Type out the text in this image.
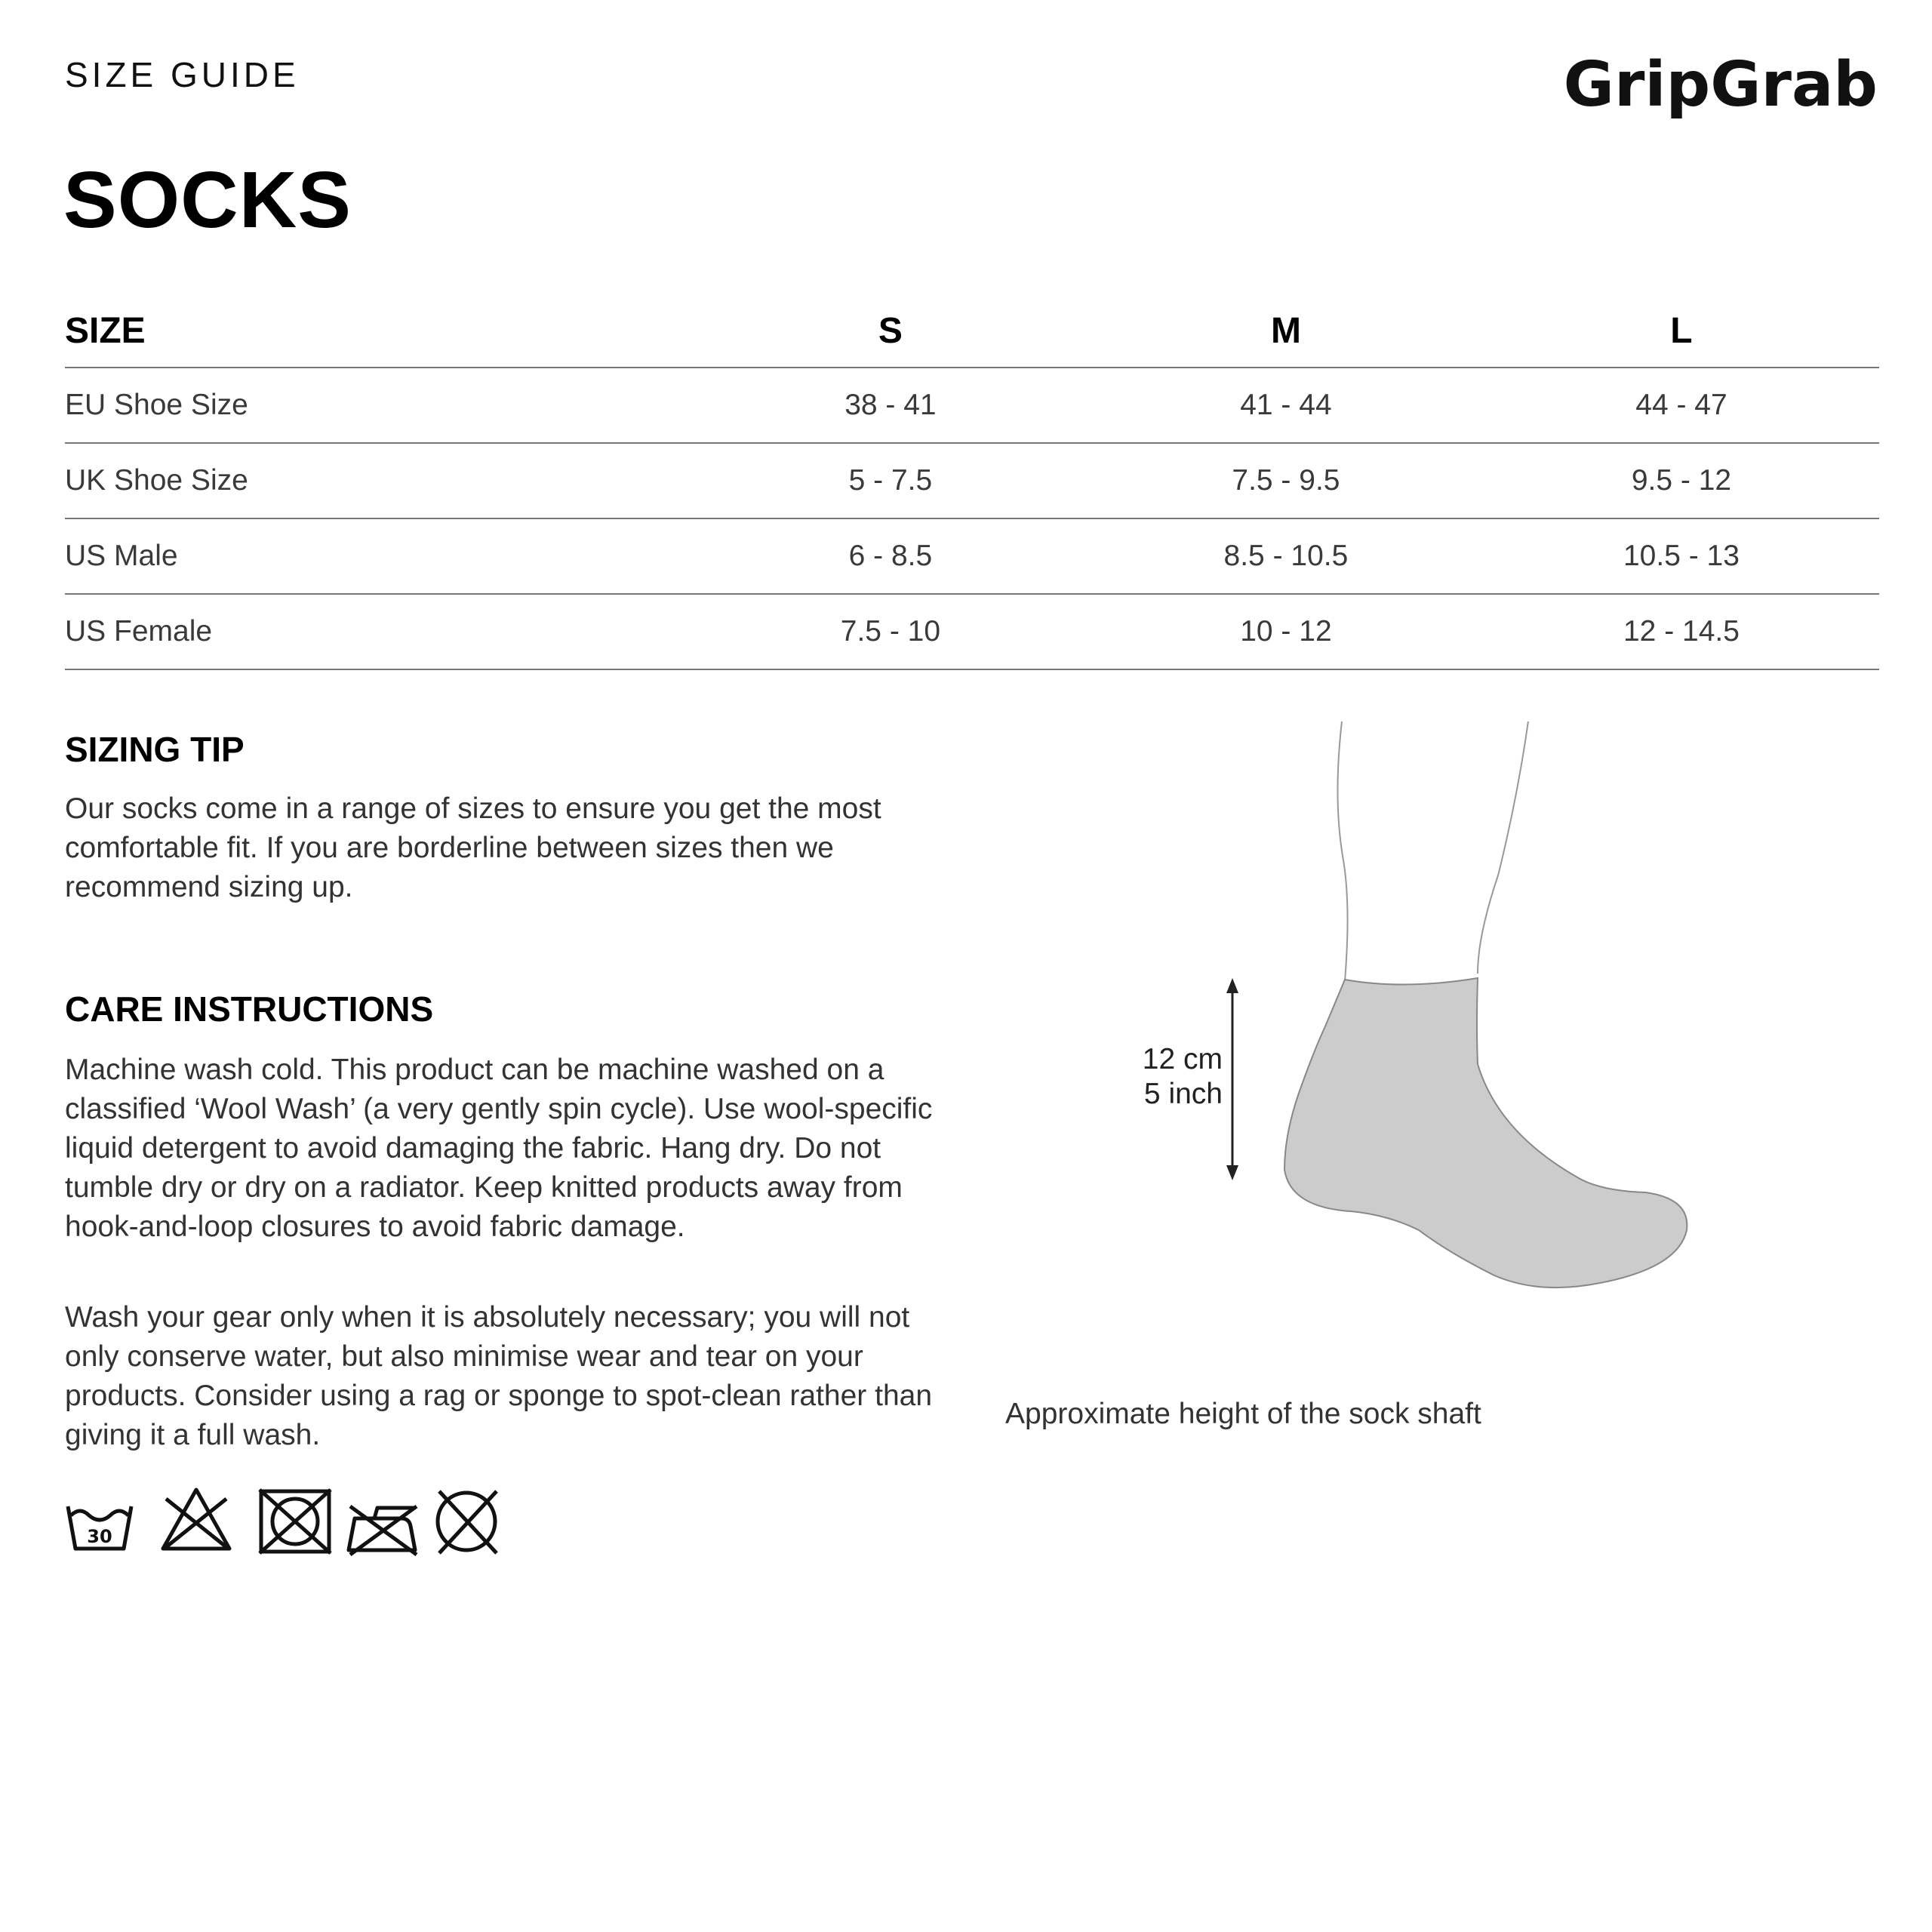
SIZE GUIDE	GripGrab
SOCKS
SIZE	S	M	L
EU Shoe Size	38 - 41	41 - 44	44 - 47
UK Shoe Size	5 - 7.5	7.5 - 9.5	9.5 - 12
US Male	6 - 8.5	8.5 - 10.5	10.5 - 13
US Female	7.5 - 10	10 - 12	12 - 14.5
SIZING TIP

Our socks come in a range of sizes to ensure you get the most comfortable fit. If you are borderline between sizes then we recommend sizing up.

CARE INSTRUCTIONS

Machine wash cold. This product can be machine washed on a classified ‘Wool Wash’ (a very gently spin cycle). Use wool-specific liquid detergent to avoid damaging the fabric. Hang dry. Do not tumble dry or dry on a radiator. Keep knitted products away from hook-and-loop closures to avoid fabric damage.

Wash your gear only when it is absolutely necessary; you will not only conserve water, but also minimise wear and tear on your products. Consider using a rag or sponge to spot-clean rather than giving it a full wash.

30
12 cm
5 inch
Approximate height of the sock shaft
